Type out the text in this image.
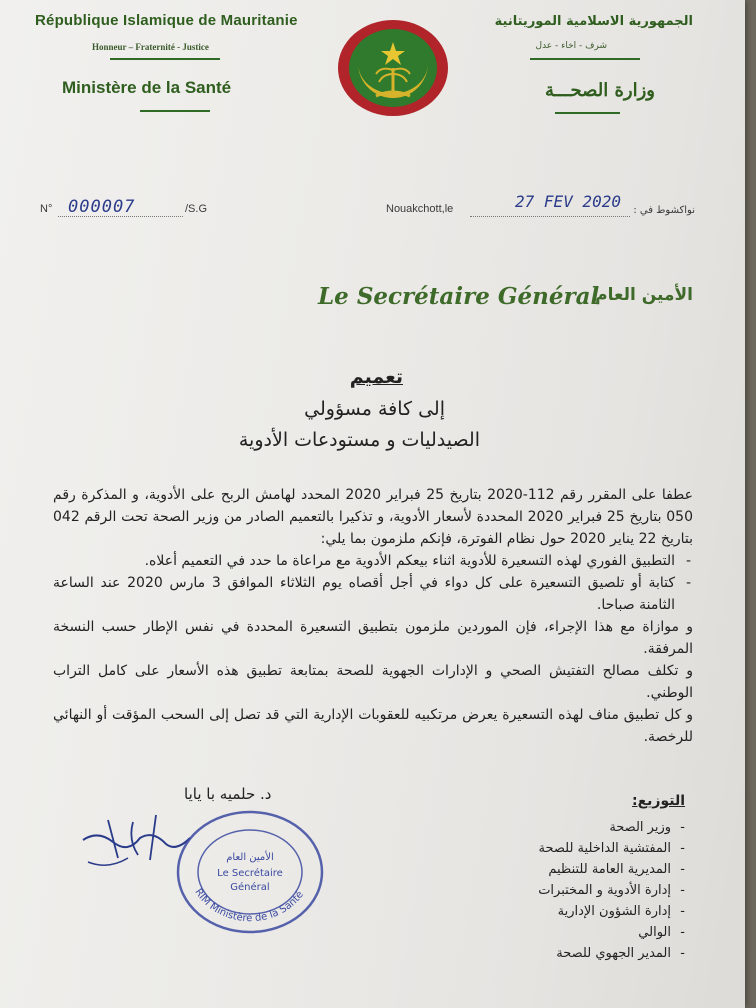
République Islamique de Mauritanie
Honneur – Fraternité - Justice
Ministère de la Santé
الجمهورية الاسلامية الموريتانية
شرف - اخاء - عدل
وزارة الصحـــة
N° 000007	/S.G	Nouakchott,le	27 FEV 2020 نواكشوط في :
Le Secrétaire Général
الأمين العام
تعميم
إلى كافة مسؤولي
الصيدليات و مستودعات الأدوية

عطفا على المقرر رقم 112-2020 بتاريخ 25 فبراير 2020 المحدد لهامش الربح على الأدوية، و المذكرة رقم 050 بتاريخ 25 فبراير 2020 المحددة لأسعار الأدوية، و تذكيرا بالتعميم الصادر من وزير الصحة تحت الرقم 042 بتاريخ 22 يناير 2020 حول نظام الفوترة، فإنكم ملزمون بما يلي:

- التطبيق الفوري لهذه التسعيرة للأدوية اثناء بيعكم الأدوية مع مراعاة ما حدد في التعميم أعلاه.

- كتابة أو تلصيق التسعيرة على كل دواء في أجل أقصاه يوم الثلاثاء الموافق 3 مارس 2020 عند الساعة الثامنة صباحا.

و موازاة مع هذا الإجراء، فإن الموردين ملزمون بتطبيق التسعيرة المحددة في نفس الإطار حسب النسخة المرفقة.

و تكلف مصالح التفتيش الصحي و الإدارات الجهوية للصحة بمتابعة تطبيق هذه الأسعار على كامل التراب الوطني.

و كل تطبيق مناف لهذه التسعيرة يعرض مرتكبيه للعقوبات الإدارية التي قد تصل إلى السحب المؤقت أو النهائي للرخصة.

د. حلميه با يايا
الأمين العام
Le Secrétaire
Général
RIM Ministère de la Santé
التوزيع:
- وزير الصحة
- المفتشية الداخلية للصحة
- المديرية العامة للتنظيم
- إدارة الأدوية و المختبرات
- إدارة الشؤون الإدارية
- الوالي
- المدير الجهوي للصحة
